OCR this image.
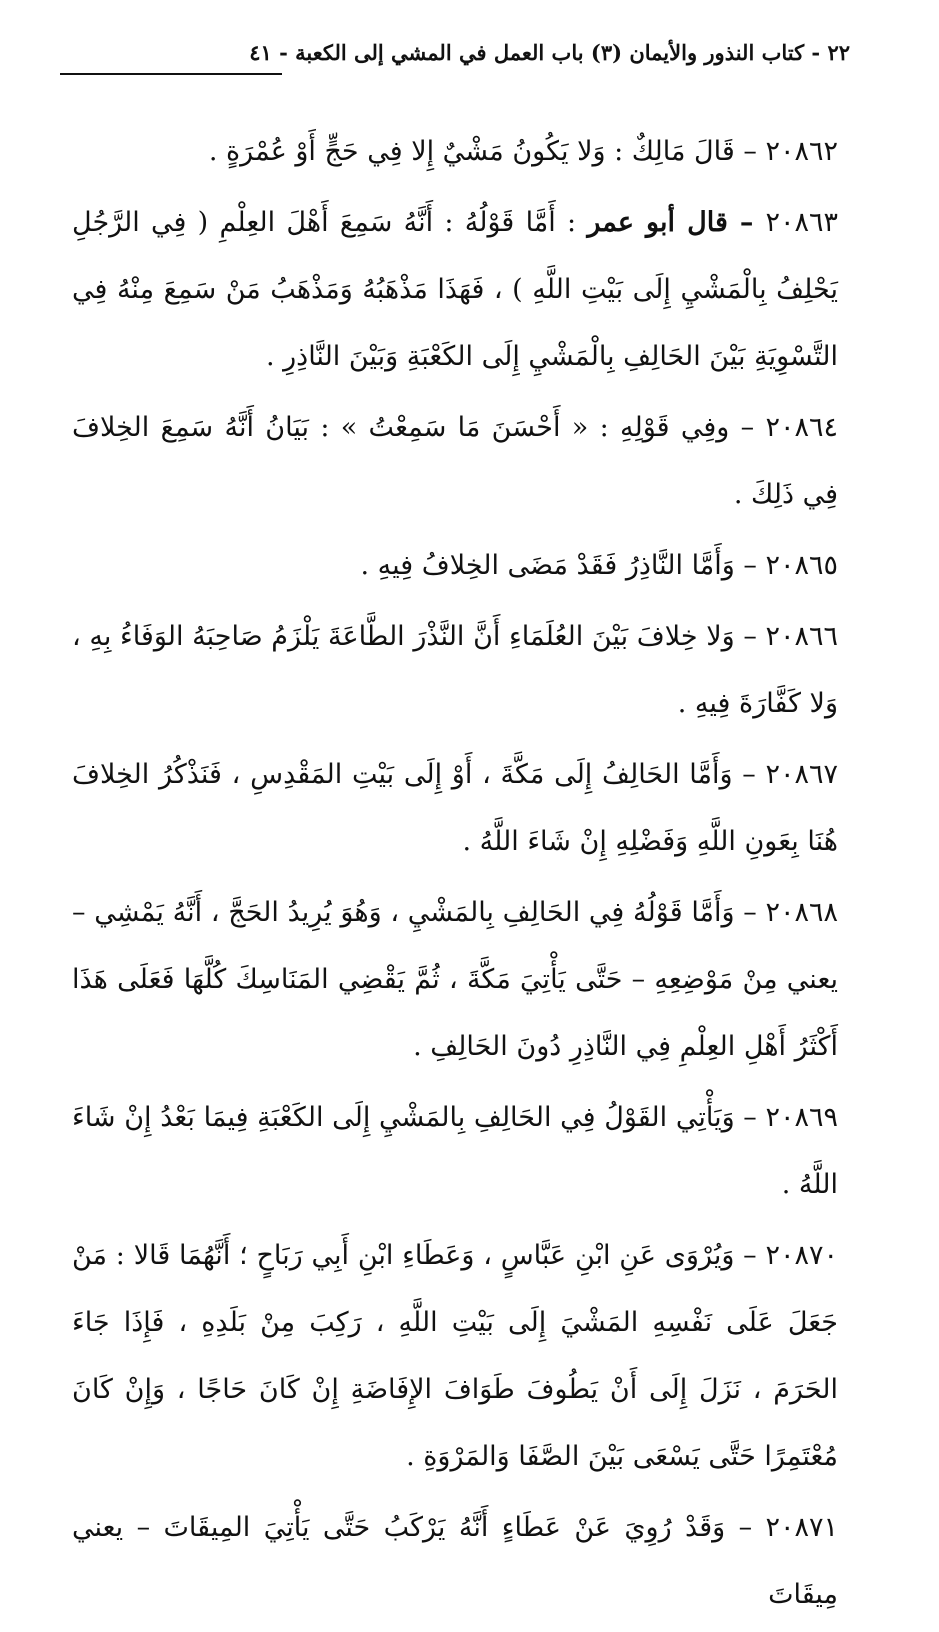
٢٢ - كتاب النذور والأيمان (٣) باب العمل في المشي إلى الكعبة - ٤١

٢٠٨٦٢ – قَالَ مَالِكٌ : وَلا يَكُونُ مَشْيٌ إِلا فِي حَجٍّ أَوْ عُمْرَةٍ .

٢٠٨٦٣ – قال أبو عمر : أَمَّا قَوْلُهُ : أَنَّهُ سَمِعَ أَهْلَ العِلْمِ ( فِي الرَّجُلِ يَحْلِفُ بِالْمَشْيِ إِلَى بَيْتِ اللَّهِ ) ، فَهَذَا مَذْهَبُهُ وَمَذْهَبُ مَنْ سَمِعَ مِنْهُ فِي التَّسْوِيَةِ بَيْنَ الحَالِفِ بِالْمَشْيِ إِلَى الكَعْبَةِ وَبَيْنَ النَّاذِرِ .

٢٠٨٦٤ – وفِي قَوْلِهِ : « أَحْسَنَ مَا سَمِعْتُ » : بَيَانُ أَنَّهُ سَمِعَ الخِلافَ فِي ذَلِكَ .

٢٠٨٦٥ – وَأَمَّا النَّاذِرُ فَقَدْ مَضَى الخِلافُ فِيهِ .

٢٠٨٦٦ – وَلا خِلافَ بَيْنَ العُلَمَاءِ أَنَّ النَّذْرَ الطَّاعَةَ يَلْزَمُ صَاحِبَهُ الوَفَاءُ بِهِ ، وَلا كَفَّارَةَ فِيهِ .

٢٠٨٦٧ – وَأَمَّا الحَالِفُ إِلَى مَكَّةَ ، أَوْ إِلَى بَيْتِ المَقْدِسِ ، فَنَذْكُرُ الخِلافَ هُنَا بِعَونِ اللَّهِ وَفَضْلِهِ إِنْ شَاءَ اللَّهُ .

٢٠٨٦٨ – وَأَمَّا قَوْلُهُ فِي الحَالِفِ بِالمَشْيِ ، وَهُوَ يُرِيدُ الحَجَّ ، أَنَّهُ يَمْشِي – يعني مِنْ مَوْضِعِهِ – حَتَّى يَأْتِيَ مَكَّةَ ، ثُمَّ يَقْضِي المَنَاسِكَ كُلَّهَا فَعَلَى هَذَا أَكْثَرُ أَهْلِ العِلْمِ فِي النَّاذِرِ دُونَ الحَالِفِ .

٢٠٨٦٩ – وَيَأْتِي القَوْلُ فِي الحَالِفِ بِالمَشْيِ إِلَى الكَعْبَةِ فِيمَا بَعْدُ إِنْ شَاءَ اللَّهُ .

٢٠٨٧٠ – وَيُرْوَى عَنِ ابْنِ عَبَّاسٍ ، وَعَطَاءِ ابْنِ أَبِي رَبَاحٍ ؛ أَنَّهُمَا قَالا : مَنْ جَعَلَ عَلَى نَفْسِهِ المَشْيَ إِلَى بَيْتِ اللَّهِ ، رَكِبَ مِنْ بَلَدِهِ ، فَإِذَا جَاءَ الحَرَمَ ، نَزَلَ إِلَى أَنْ يَطُوفَ طَوَافَ الإِفَاضَةِ إِنْ كَانَ حَاجًا ، وَإِنْ كَانَ مُعْتَمِرًا حَتَّى يَسْعَى بَيْنَ الصَّفَا وَالمَرْوَةِ .

٢٠٨٧١ – وَقَدْ رُوِيَ عَنْ عَطَاءٍ أَنَّهُ يَرْكَبُ حَتَّى يَأْتِيَ المِيقَاتَ – يعني مِيقَاتَ
